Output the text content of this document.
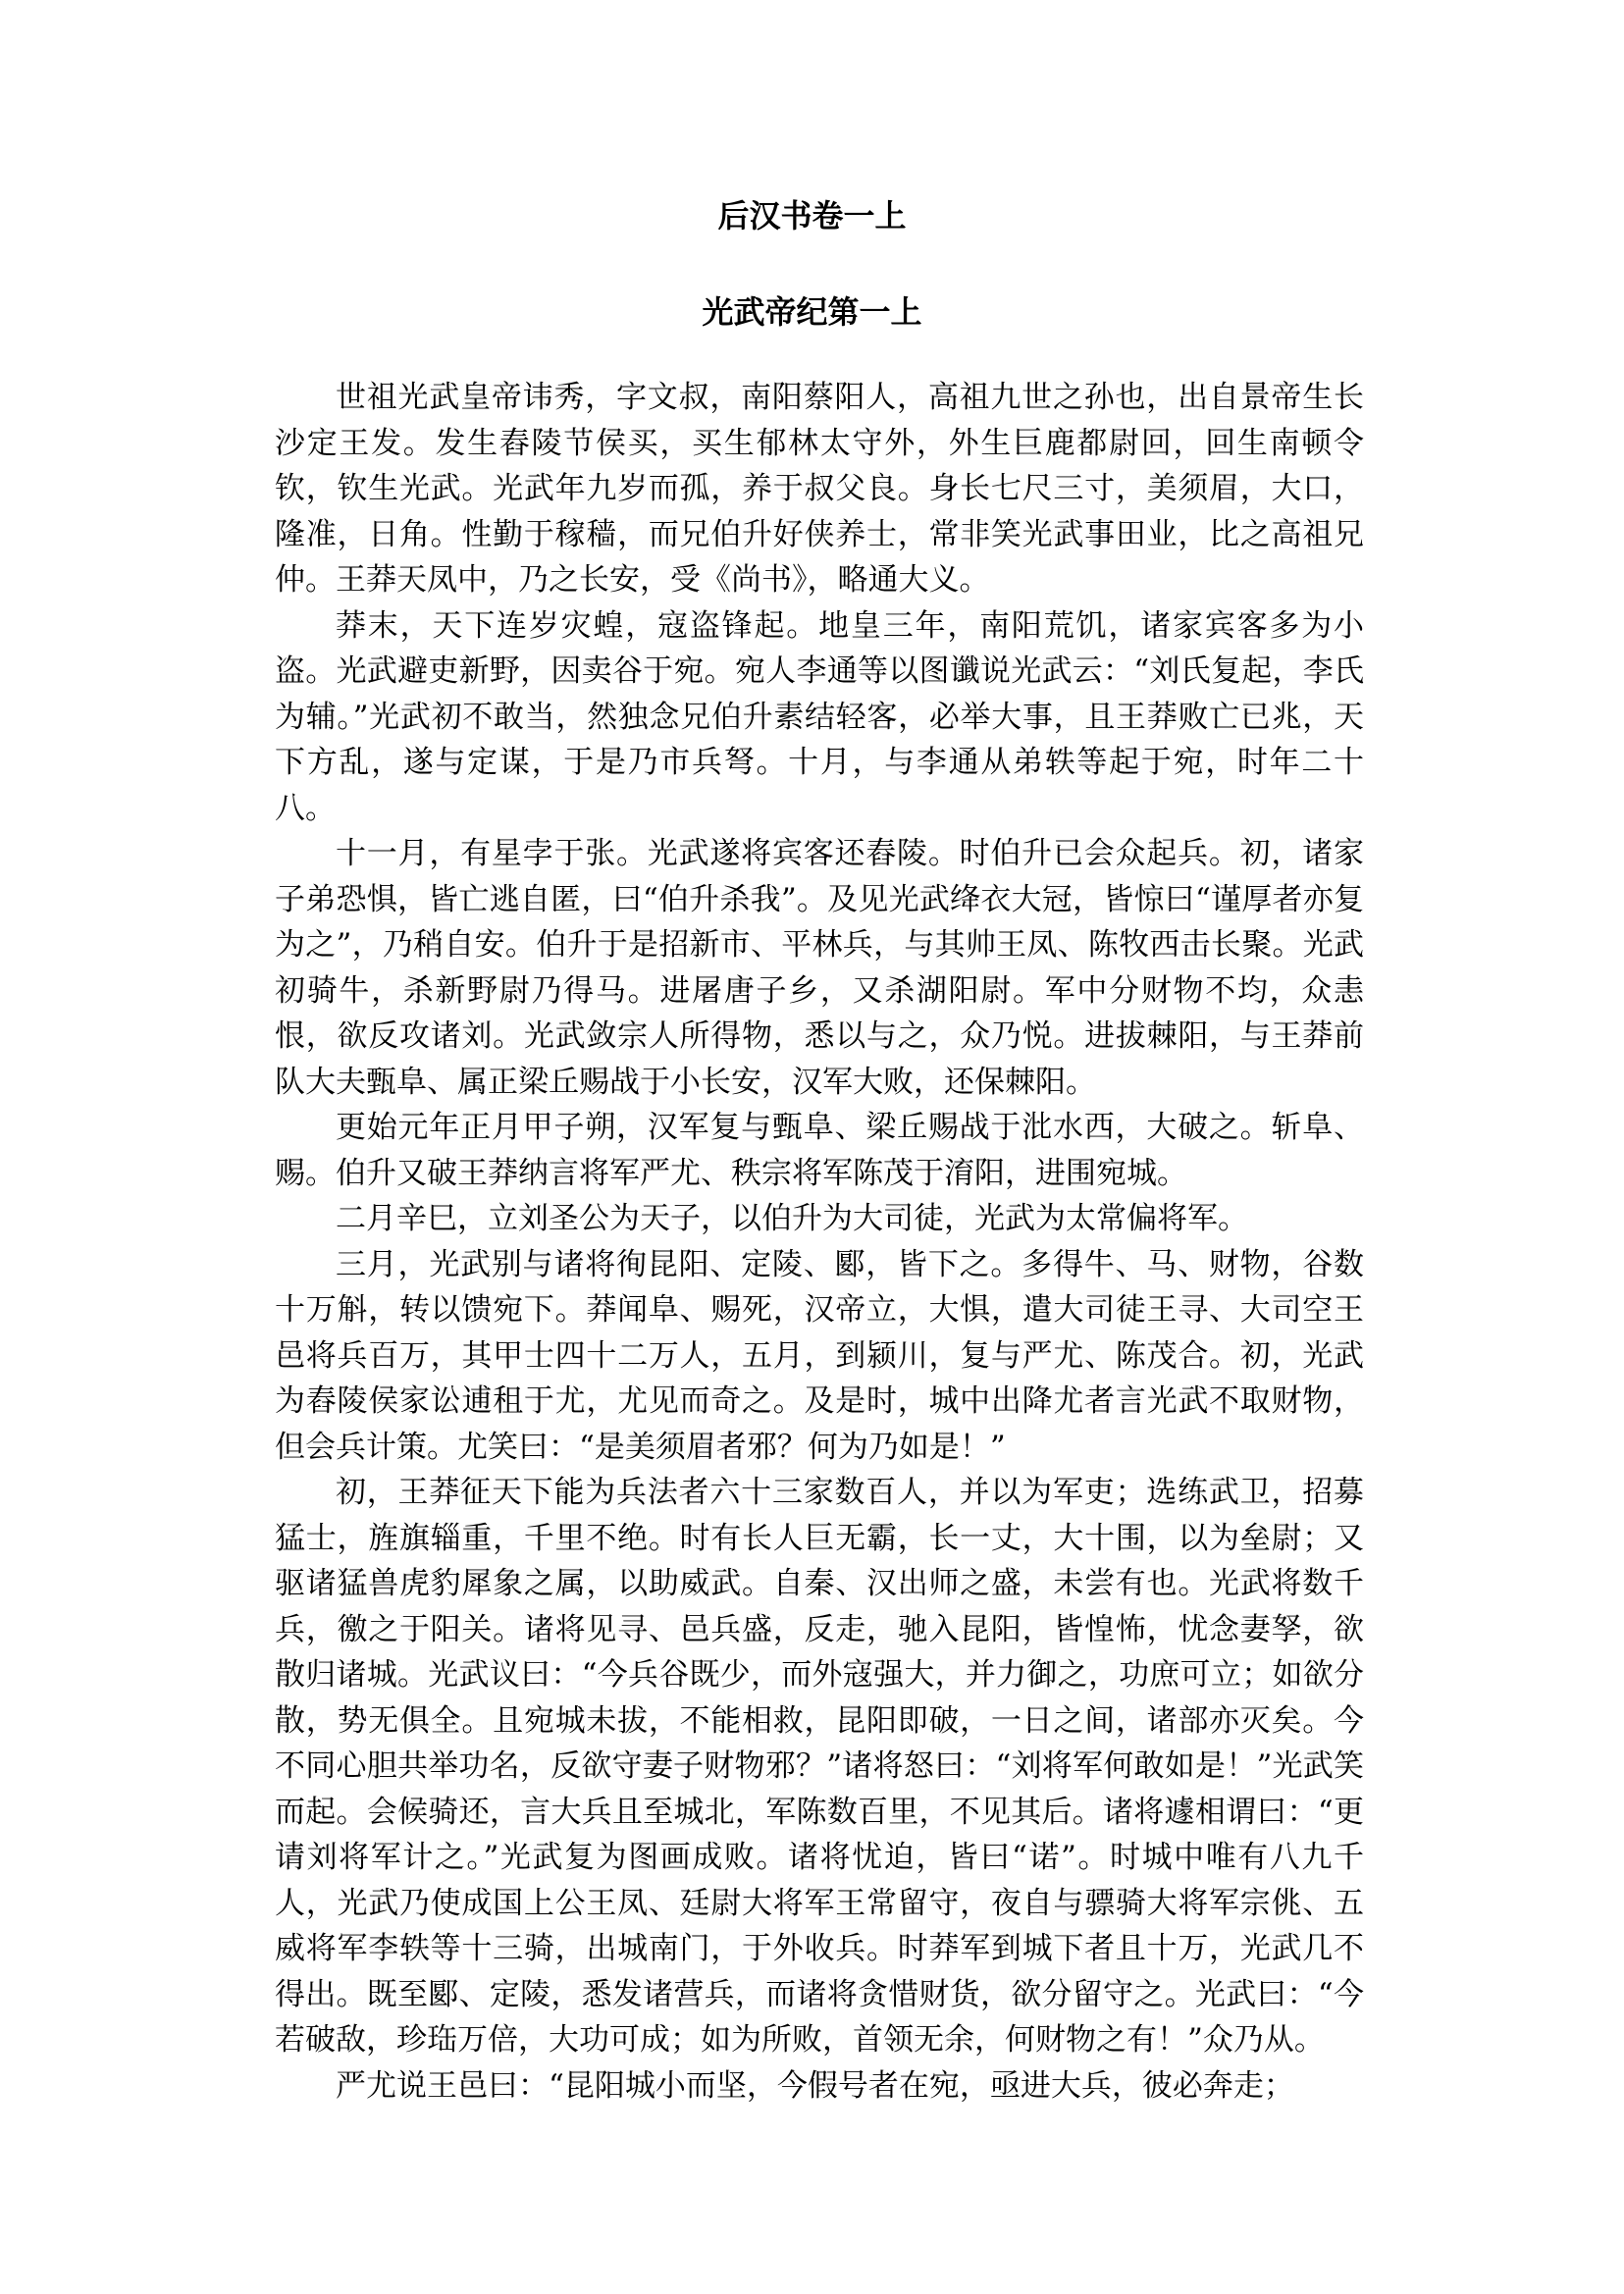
后汉书卷一上
光武帝纪第一上

世祖光武皇帝讳秀，字文叔，南阳蔡阳人，高祖九世之孙也，出自景帝生长沙定王发。发生舂陵节侯买，买生郁林太守外，外生巨鹿都尉回，回生南顿令钦，钦生光武。光武年九岁而孤，养于叔父良。身长七尺三寸，美须眉，大口，隆准，日角。性勤于稼穑，而兄伯升好侠养士，常非笑光武事田业，比之高祖兄仲。王莽天凤中，乃之长安，受《尚书》，略通大义。

莽末，天下连岁灾蝗，寇盗锋起。地皇三年，南阳荒饥，诸家宾客多为小盗。光武避吏新野，因卖谷于宛。宛人李通等以图谶说光武云：“刘氏复起，李氏为辅。”光武初不敢当，然独念兄伯升素结轻客，必举大事，且王莽败亡已兆，天下方乱，遂与定谋，于是乃市兵弩。十月，与李通从弟轶等起于宛，时年二十八。

十一月，有星孛于张。光武遂将宾客还舂陵。时伯升已会众起兵。初，诸家子弟恐惧，皆亡逃自匿，曰“伯升杀我”。及见光武绛衣大冠，皆惊曰“谨厚者亦复为之”，乃稍自安。伯升于是招新市、平林兵，与其帅王凤、陈牧西击长聚。光武初骑牛，杀新野尉乃得马。进屠唐子乡，又杀湖阳尉。军中分财物不均，众恚恨，欲反攻诸刘。光武敛宗人所得物，悉以与之，众乃悦。进拔棘阳，与王莽前队大夫甄阜、属正梁丘赐战于小长安，汉军大败，还保棘阳。

更始元年正月甲子朔，汉军复与甄阜、梁丘赐战于沘水西，大破之。斩阜、赐。伯升又破王莽纳言将军严尤、秩宗将军陈茂于淯阳，进围宛城。

二月辛巳，立刘圣公为天子，以伯升为大司徒，光武为太常偏将军。

三月，光武别与诸将徇昆阳、定陵、郾，皆下之。多得牛、马、财物，谷数十万斛，转以馈宛下。莽闻阜、赐死，汉帝立，大惧，遣大司徒王寻、大司空王邑将兵百万，其甲士四十二万人，五月，到颍川，复与严尤、陈茂合。初，光武为舂陵侯家讼逋租于尤，尤见而奇之。及是时，城中出降尤者言光武不取财物，但会兵计策。尤笑曰：“是美须眉者邪？何为乃如是！”

初，王莽征天下能为兵法者六十三家数百人，并以为军吏；选练武卫，招募猛士，旌旗辎重，千里不绝。时有长人巨无霸，长一丈，大十围，以为垒尉；又驱诸猛兽虎豹犀象之属，以助威武。自秦、汉出师之盛，未尝有也。光武将数千兵，徼之于阳关。诸将见寻、邑兵盛，反走，驰入昆阳，皆惶怖，忧念妻孥，欲散归诸城。光武议曰：“今兵谷既少，而外寇强大，并力御之，功庶可立；如欲分散，势无俱全。且宛城未拔，不能相救，昆阳即破，一日之间，诸部亦灭矣。今不同心胆共举功名，反欲守妻子财物邪？”诸将怒曰：“刘将军何敢如是！”光武笑而起。会候骑还，言大兵且至城北，军陈数百里，不见其后。诸将遽相谓曰：“更请刘将军计之。”光武复为图画成败。诸将忧迫，皆曰“诺”。时城中唯有八九千人，光武乃使成国上公王凤、廷尉大将军王常留守，夜自与骠骑大将军宗佻、五威将军李轶等十三骑，出城南门，于外收兵。时莽军到城下者且十万，光武几不得出。既至郾、定陵，悉发诸营兵，而诸将贪惜财货，欲分留守之。光武曰：“今若破敌，珍珤万倍，大功可成；如为所败，首领无余，何财物之有！”众乃从。

严尤说王邑曰：“昆阳城小而坚，今假号者在宛，亟进大兵，彼必奔走；
